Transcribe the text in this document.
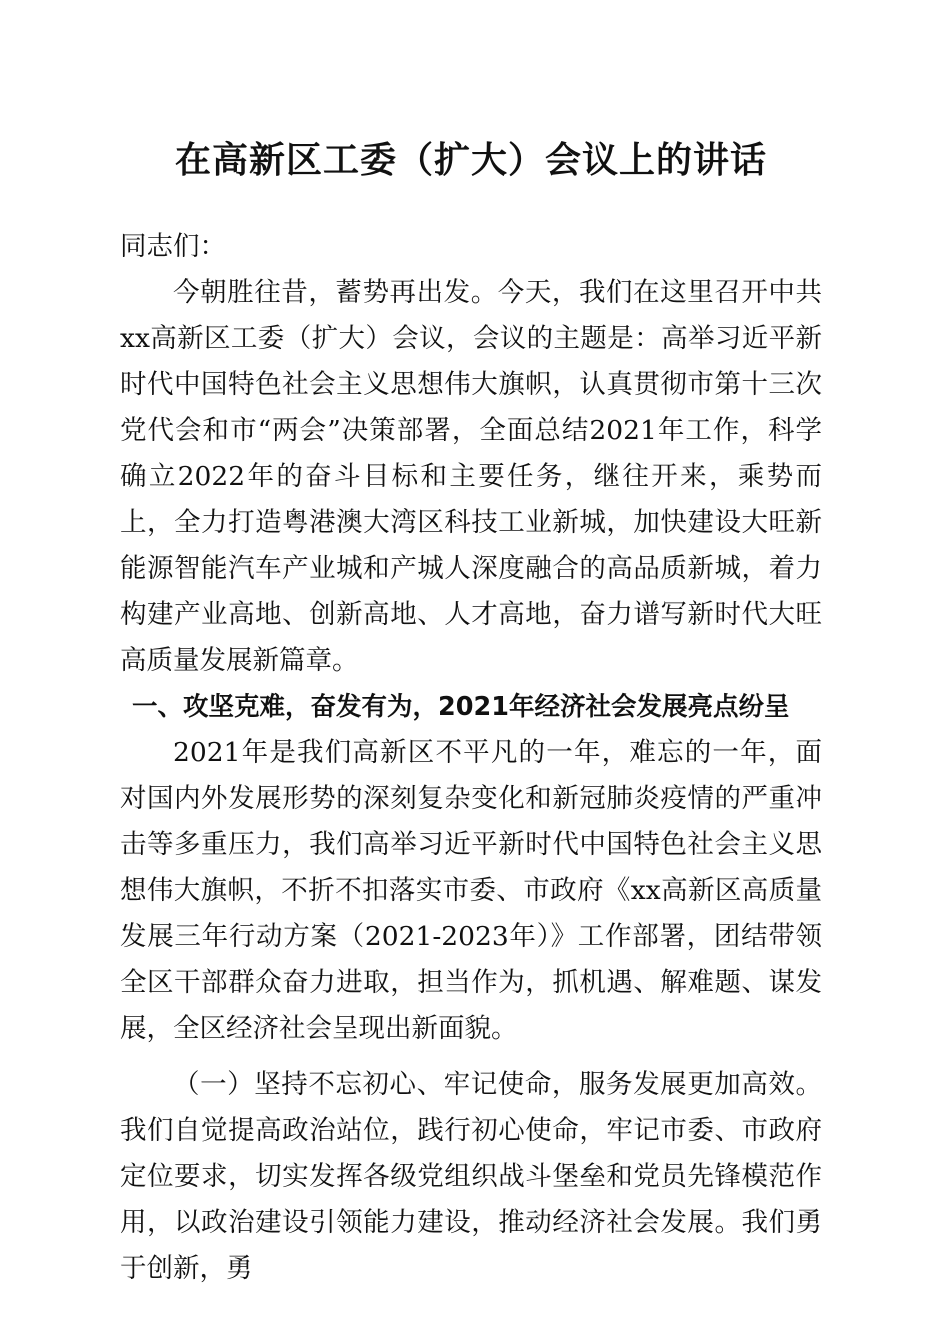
在高新区工委（扩大）会议上的讲话

同志们：

今朝胜往昔，蓄势再出发。今天，我们在这里召开中共xx高新区工委（扩大）会议，会议的主题是：高举习近平新时代中国特色社会主义思想伟大旗帜，认真贯彻市第十三次党代会和市“两会”决策部署，全面总结2021年工作，科学确立2022年的奋斗目标和主要任务，继往开来，乘势而上，全力打造粤港澳大湾区科技工业新城，加快建设大旺新能源智能汽车产业城和产城人深度融合的高品质新城，着力构建产业高地、创新高地、人才高地，奋力谱写新时代大旺高质量发展新篇章。

一、攻坚克难，奋发有为，2021年经济社会发展亮点纷呈

2021年是我们高新区不平凡的一年，难忘的一年，面对国内外发展形势的深刻复杂变化和新冠肺炎疫情的严重冲击等多重压力，我们高举习近平新时代中国特色社会主义思想伟大旗帜，不折不扣落实市委、市政府《xx高新区高质量发展三年行动方案（2021-2023年）》工作部署，团结带领全区干部群众奋力进取，担当作为，抓机遇、解难题、谋发展，全区经济社会呈现出新面貌。

（一）坚持不忘初心、牢记使命，服务发展更加高效。我们自觉提高政治站位，践行初心使命，牢记市委、市政府定位要求，切实发挥各级党组织战斗堡垒和党员先锋模范作用，以政治建设引领能力建设，推动经济社会发展。我们勇于创新，勇
